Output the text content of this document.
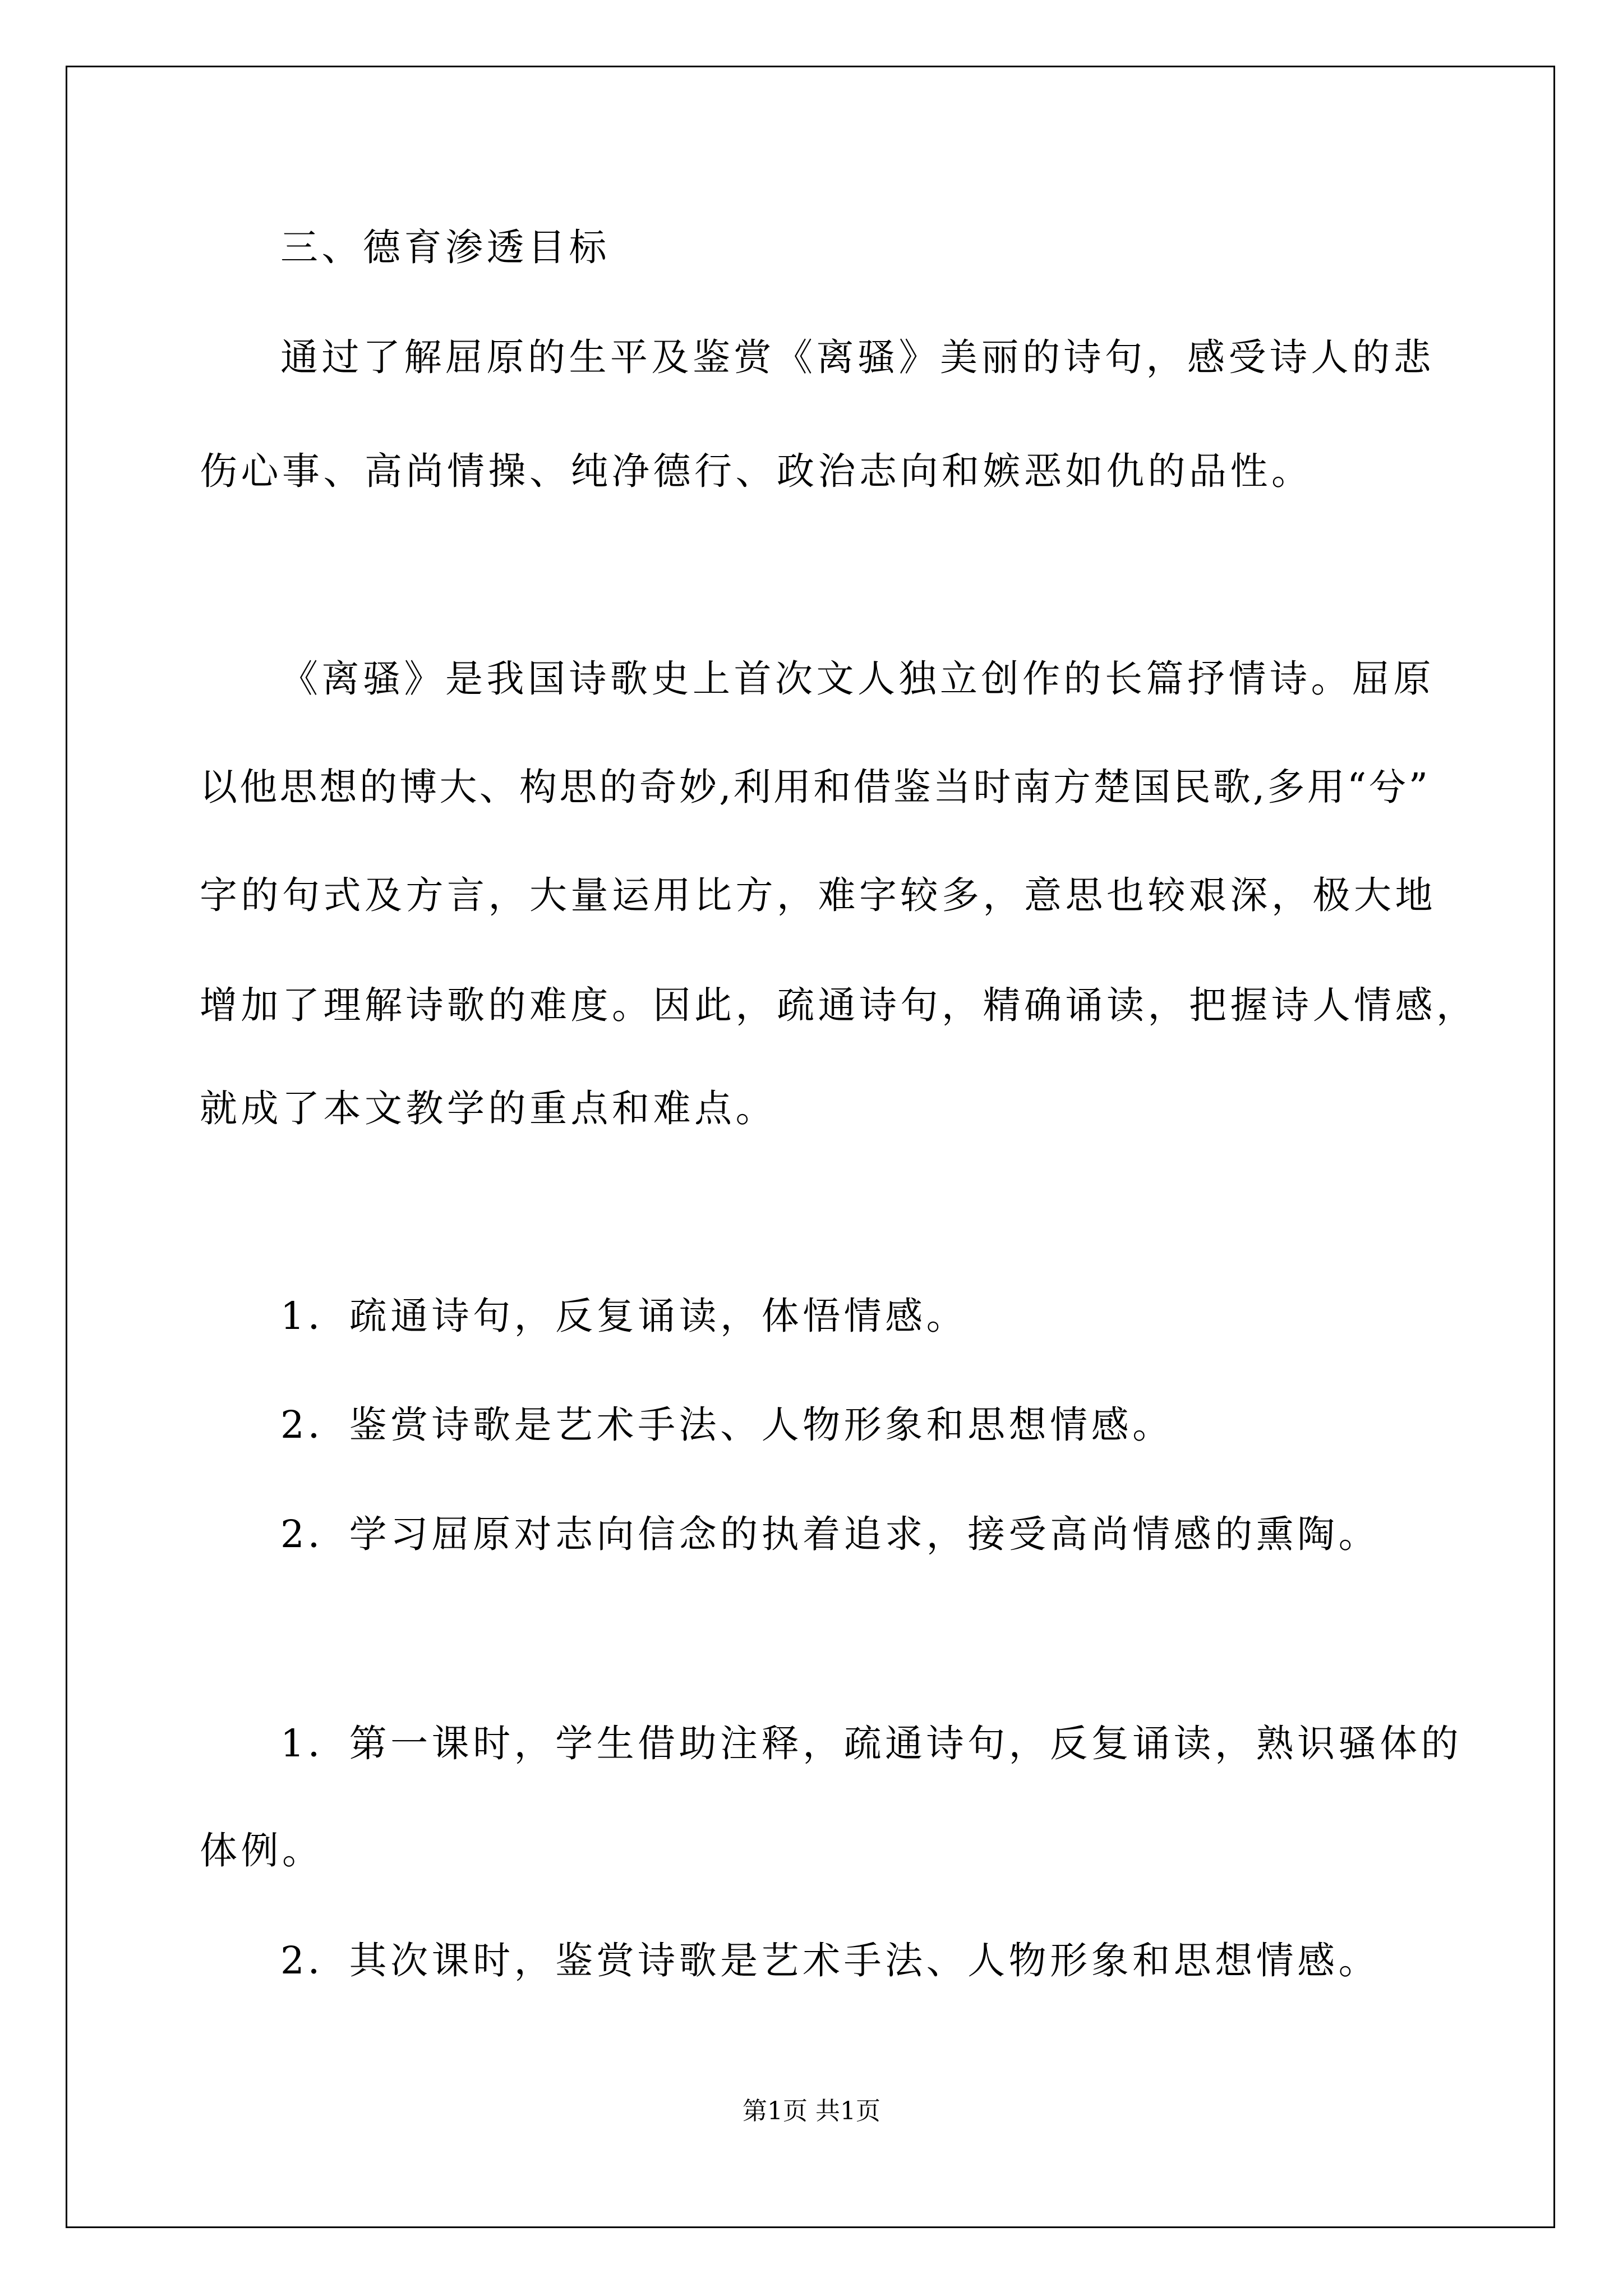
三、德育渗透目标
通过了解屈原的生平及鉴赏《离骚》美丽的诗句，感受诗人的悲
伤心事、高尚情操、纯净德行、政治志向和嫉恶如仇的品性。
《离骚》是我国诗歌史上首次文人独立创作的长篇抒情诗。屈原
以他思想的博大、构思的奇妙,利用和借鉴当时南方楚国民歌,多用“兮”
字的句式及方言，大量运用比方，难字较多，意思也较艰深，极大地
增加了理解诗歌的难度。因此，疏通诗句，精确诵读，把握诗人情感，
就成了本文教学的重点和难点。
1．疏通诗句，反复诵读，体悟情感。
2．鉴赏诗歌是艺术手法、人物形象和思想情感。
2．学习屈原对志向信念的执着追求，接受高尚情感的熏陶。
1．第一课时，学生借助注释，疏通诗句，反复诵读，熟识骚体的
体例。
2．其次课时，鉴赏诗歌是艺术手法、人物形象和思想情感。
第1页 共1页
